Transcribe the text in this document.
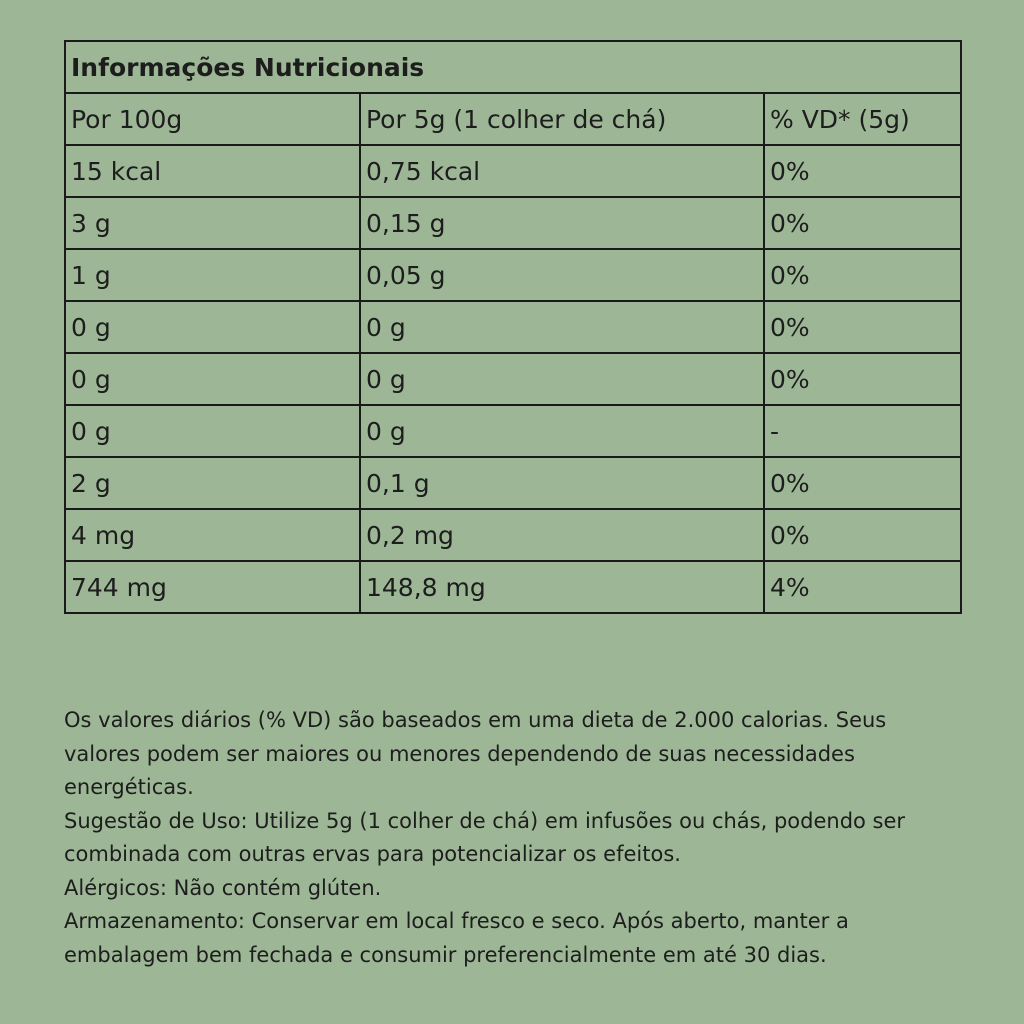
Informações Nutricionais		
Por 100g	Por 5g (1 colher de chá)	% VD* (5g)
15 kcal	0,75 kcal	0%
3 g	0,15 g	0%
1 g	0,05 g	0%
0 g	0 g	0%
0 g	0 g	0%
0 g	0 g	-
2 g	0,1 g	0%
4 mg	0,2 mg	0%
744 mg	148,8 mg	4%

Os valores diários (% VD) são baseados em uma dieta de 2.000 calorias. Seus valores podem ser maiores ou menores dependendo de suas necessidades energéticas.

Sugestão de Uso: Utilize 5g (1 colher de chá) em infusões ou chás, podendo ser combinada com outras ervas para potencializar os efeitos.

Alérgicos: Não contém glúten.

Armazenamento: Conservar em local fresco e seco. Após aberto, manter a embalagem bem fechada e consumir preferencialmente em até 30 dias.
